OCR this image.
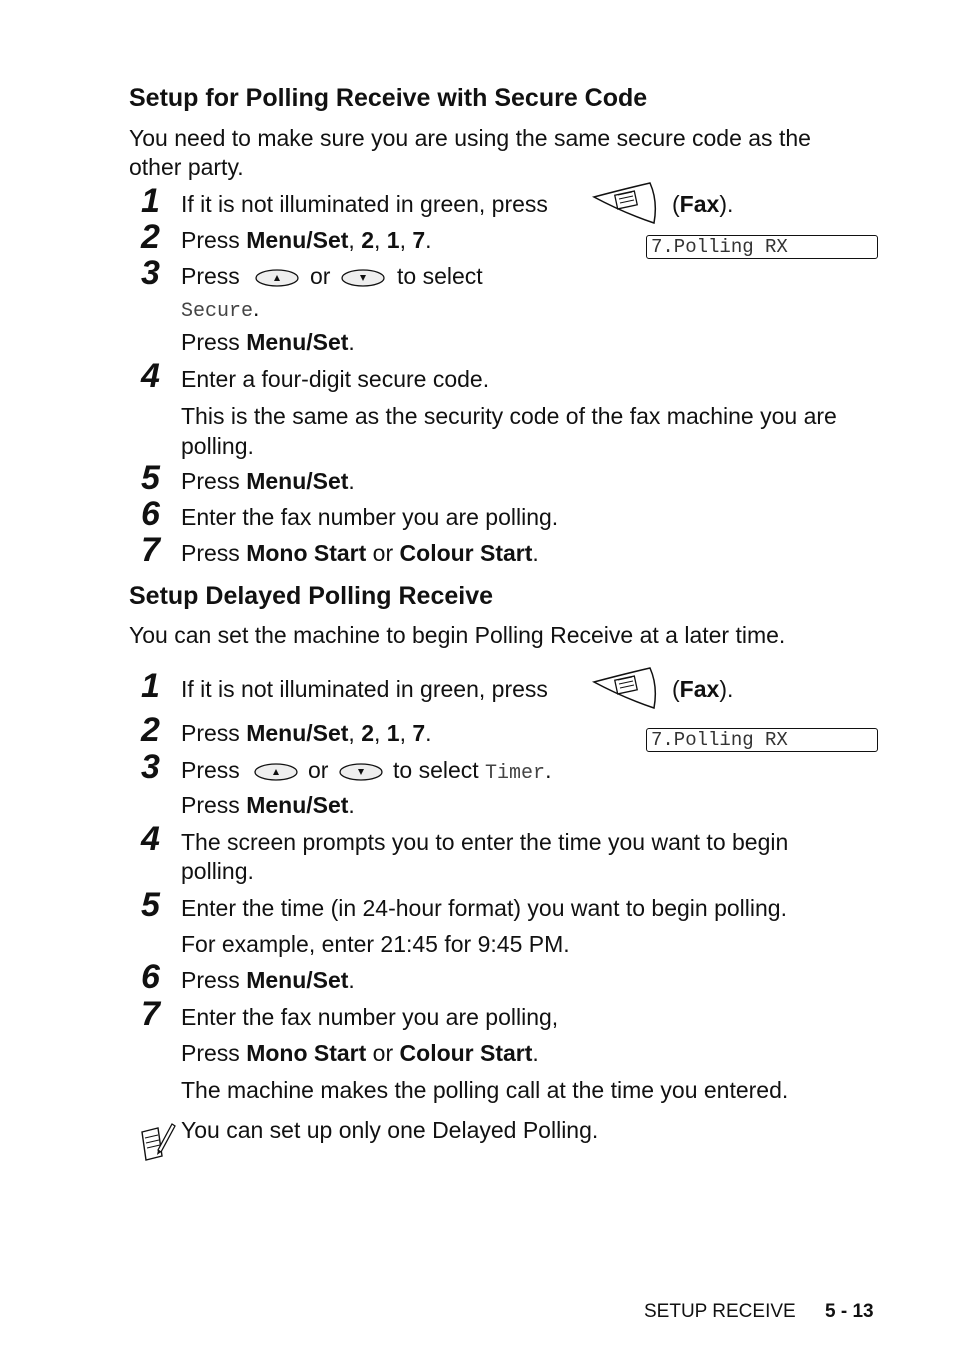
Setup for Polling Receive with Secure Code
You need to make sure you are using the same secure code as the
other party.
1 If it is not illuminated in green, press	(Fax).
2 Press Menu/Set, 2, 1, 7.	7.Polling RX
3 Press	or	to select
Secure.
Press Menu/Set.
4 Enter a four-digit secure code.
This is the same as the security code of the fax machine you are
polling.
5 Press Menu/Set.
6 Enter the fax number you are polling.
7 Press Mono Start or Colour Start.
Setup Delayed Polling Receive
You can set the machine to begin Polling Receive at a later time.
1 If it is not illuminated in green, press	(Fax).
2 Press Menu/Set, 2, 1, 7.	7.Polling RX
3 Press	or	to select Timer.
Press Menu/Set.
4 The screen prompts you to enter the time you want to begin
polling.
5 Enter the time (in 24-hour format) you want to begin polling.
For example, enter 21:45 for 9:45 PM.
6 Press Menu/Set.
7 Enter the fax number you are polling,
Press Mono Start or Colour Start.
The machine makes the polling call at the time you entered.
You can set up only one Delayed Polling.
SETUP RECEIVE 5 - 13
